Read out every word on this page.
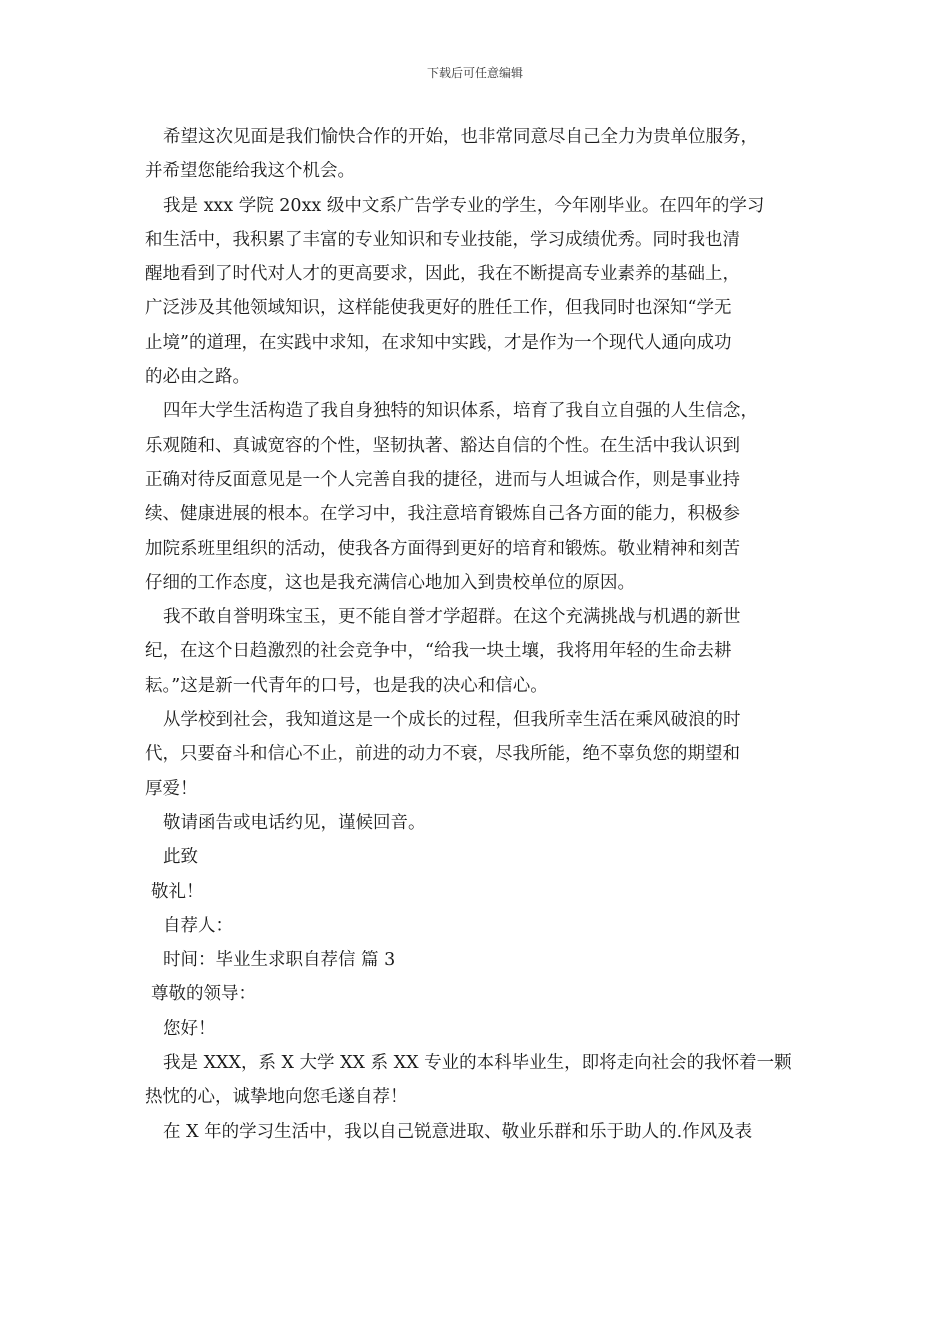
下载后可任意编辑
希望这次见面是我们愉快合作的开始，也非常同意尽自己全力为贵单位服务，
并希望您能给我这个机会。
我是 xxx 学院 20xx 级中文系广告学专业的学生，今年刚毕业。在四年的学习
和生活中，我积累了丰富的专业知识和专业技能，学习成绩优秀。同时我也清
醒地看到了时代对人才的更高要求，因此，我在不断提高专业素养的基础上，
广泛涉及其他领域知识，这样能使我更好的胜任工作，但我同时也深知“学无
止境”的道理，在实践中求知，在求知中实践，才是作为一个现代人通向成功
的必由之路。
四年大学生活构造了我自身独特的知识体系，培育了我自立自强的人生信念，
乐观随和、真诚宽容的个性，坚韧执著、豁达自信的个性。在生活中我认识到
正确对待反面意见是一个人完善自我的捷径，进而与人坦诚合作，则是事业持
续、健康进展的根本。在学习中，我注意培育锻炼自己各方面的能力，积极参
加院系班里组织的活动，使我各方面得到更好的培育和锻炼。敬业精神和刻苦
仔细的工作态度，这也是我充满信心地加入到贵校单位的原因。
我不敢自誉明珠宝玉，更不能自誉才学超群。在这个充满挑战与机遇的新世
纪，在这个日趋激烈的社会竞争中，“给我一块土壤，我将用年轻的生命去耕
耘。”这是新一代青年的口号，也是我的决心和信心。
从学校到社会，我知道这是一个成长的过程，但我所幸生活在乘风破浪的时
代，只要奋斗和信心不止，前进的动力不衰，尽我所能，绝不辜负您的期望和
厚爱！
敬请函告或电话约见，谨候回音。
此致
敬礼！
自荐人：
时间：毕业生求职自荐信 篇 3
尊敬的领导：
您好！
我是 XXX，系 X 大学 XX 系 XX 专业的本科毕业生，即将走向社会的我怀着一颗
热忱的心，诚挚地向您毛遂自荐！
在 X 年的学习生活中，我以自己锐意进取、敬业乐群和乐于助人的.作风及表
